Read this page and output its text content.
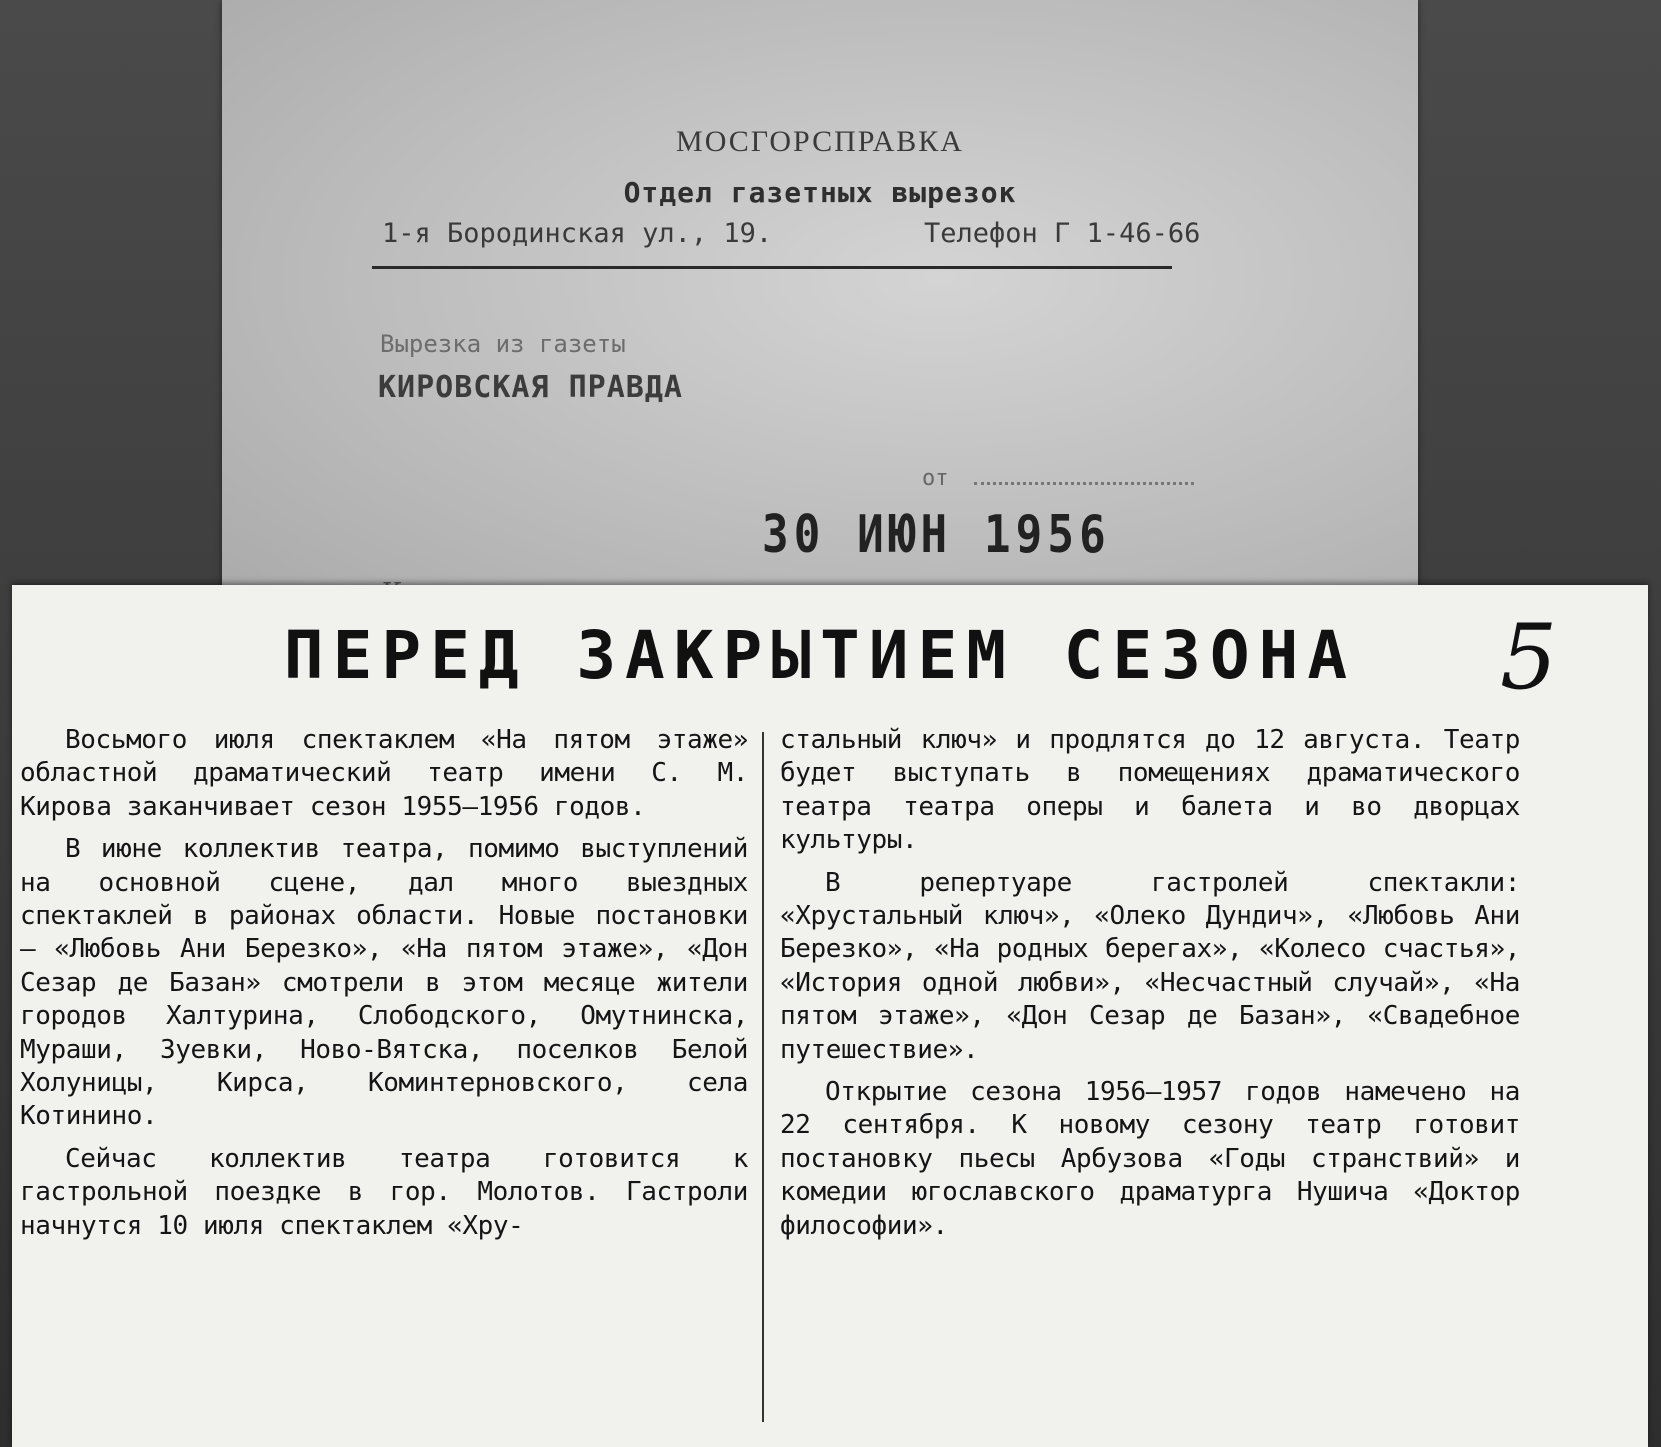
МОСГОРСПРАВКА
Отдел газетных вырезок
1-я Бородинская ул., 19.	Телефон Г 1-46-66
Вырезка из газеты
КИРОВСКАЯ ПРАВДА
от
30 ИЮН 1956
ПЕРЕД ЗАКРЫТИЕМ СЕЗОНА	5

Восьмого июля спектаклем «На пятом этаже» областной драматический театр имени С. М. Кирова заканчивает сезон 1955—1956 годов.

В июне коллектив театра, помимо выступлений на основной сцене, дал много выездных спектаклей в районах области. Новые постановки — «Любовь Ани Березко», «На пятом этаже», «Дон Сезар де Базан» смотрели в этом месяце жители городов Халтурина, Слободского, Омутнинска, Мураши, Зуевки, Ново-Вятска, поселков Белой Холуницы, Кирса, Коминтерновского, села Котинино.

Сейчас коллектив театра готовится к гастрольной поездке в гор. Молотов. Гастроли начнутся 10 июля спектаклем «Хру-

стальный ключ» и продлятся до 12 августа. Театр будет выступать в помещениях драматического театра театра оперы и балета и во дворцах культуры.

В репертуаре гастролей спектакли: «Хрустальный ключ», «Олеко Дундич», «Любовь Ани Березко», «На родных берегах», «Колесо счастья», «История одной любви», «Несчастный случай», «На пятом этаже», «Дон Сезар де Базан», «Свадебное путешествие».

Открытие сезона 1956—1957 годов намечено на 22 сентября. К новому сезону театр готовит постановку пьесы Арбузова «Годы странствий» и комедии югославского драматурга Нушича «Доктор философии».
